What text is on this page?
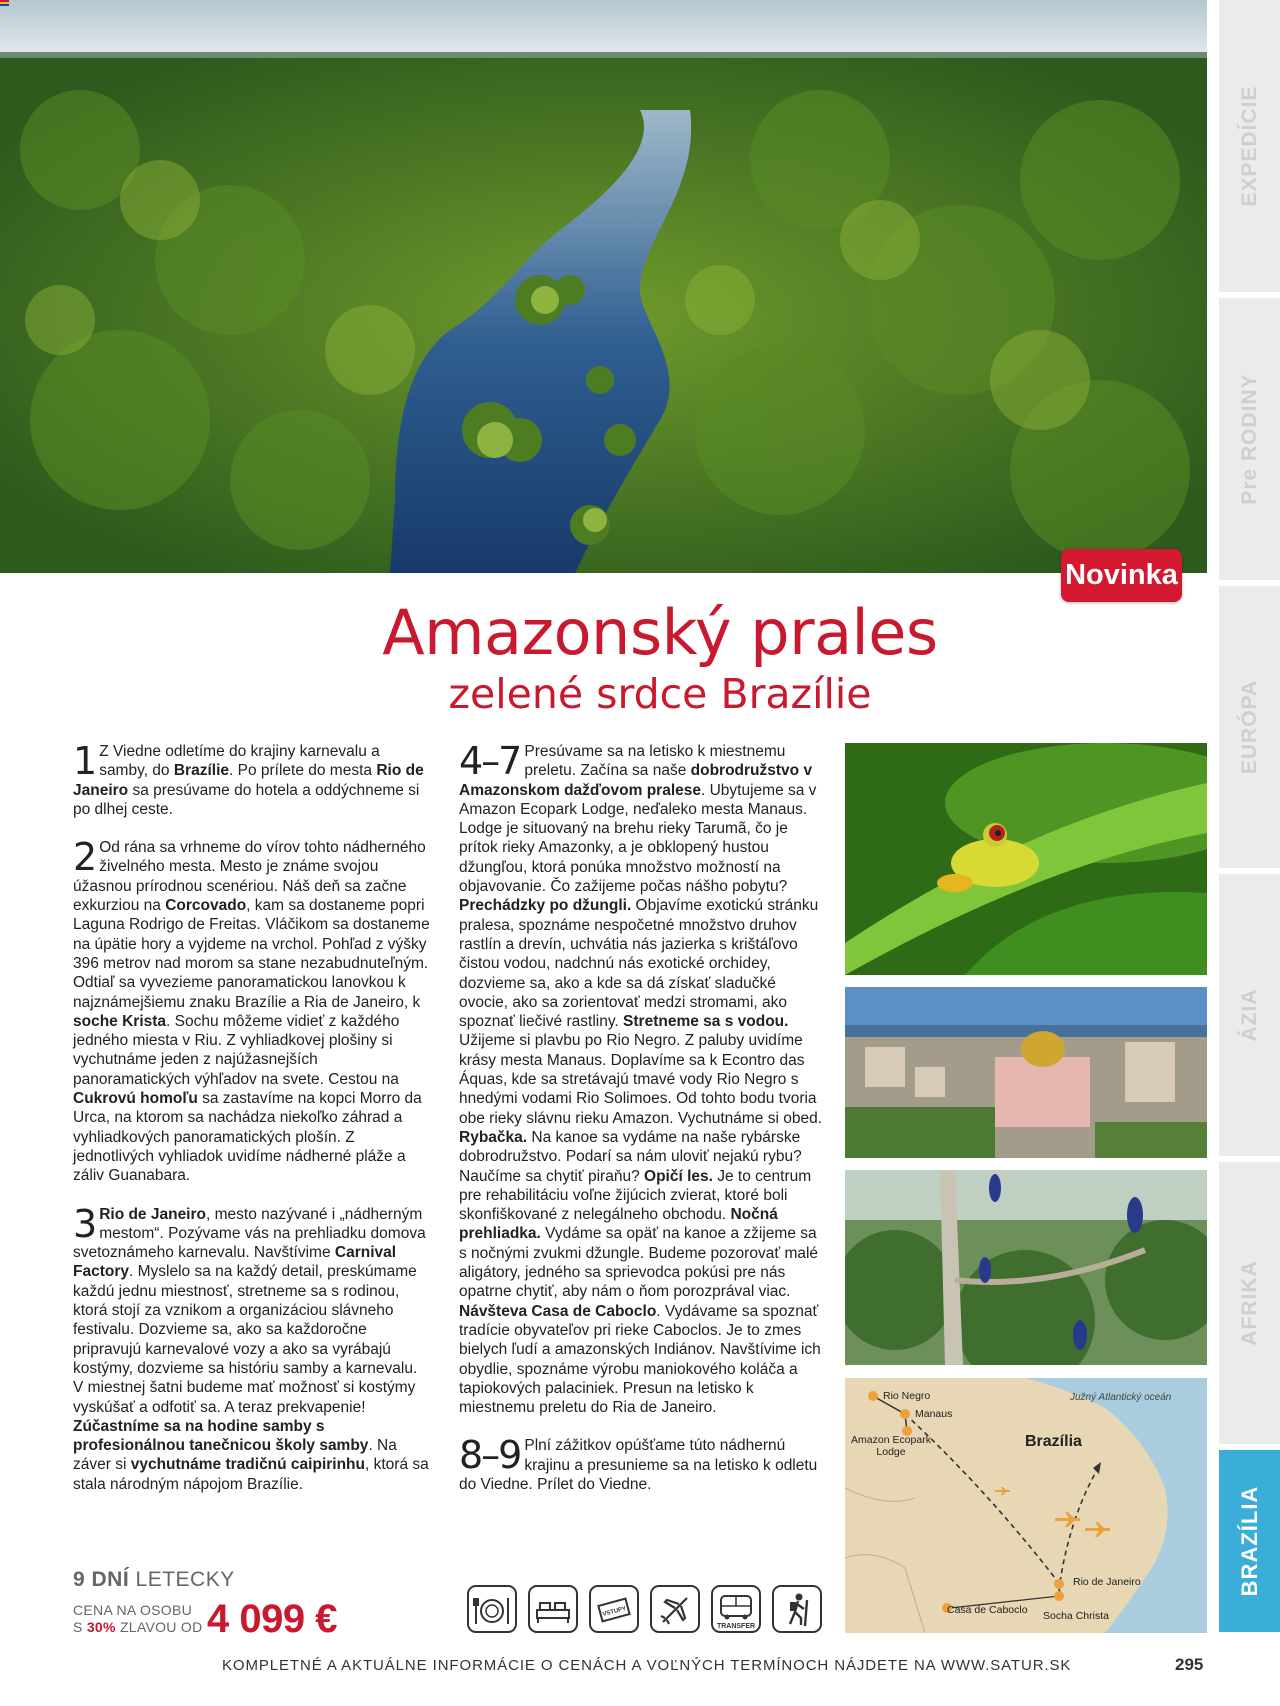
Novinka
EXPEDÍCIE
Pre RODINY
EURÓPA
ÁZIA
AFRIKA
BRAZÍLIA
Amazonský prales
zelené srdce Brazílie

1 Z Viedne odletíme do krajiny karnevalu a samby, do Brazílie. Po prílete do mesta Rio de Janeiro sa presúvame do hotela a oddýchneme si po dlhej ceste.

2 Od rána sa vrhneme do vírov tohto nádherného živelného mesta. Mesto je známe svojou úžasnou prírodnou scenériou. Náš deň sa začne exkurziou na Corcovado, kam sa dostaneme popri Laguna Rodrigo de Freitas. Vláčikom sa dostaneme na úpätie hory a vyjdeme na vrchol. Pohľad z výšky 396 metrov nad morom sa stane nezabudnuteľným. Odtiaľ sa vyvezieme panoramatickou lanovkou k najznámejšiemu znaku Brazílie a Ria de Janeiro, k soche Krista. Sochu môžeme vidieť z každého jedného miesta v Riu. Z vyhliadkovej plošiny si vychutnáme jeden z najúžasnejších panoramatických výhľadov na svete. Cestou na Cukrovú homoľu sa zastavíme na kopci Morro da Urca, na ktorom sa nachádza niekoľko záhrad a vyhliadkových panoramatických plošín. Z jednotlivých vyhliadok uvidíme nádherné pláže a záliv Guanabara.

3 Rio de Janeiro, mesto nazývané i „nádherným mestom“. Pozývame vás na prehliadku domova svetoznámeho karnevalu. Navštívime Carnival Factory. Myslelo sa na každý detail, preskúmame každú jednu miestnosť, stretneme sa s rodinou, ktorá stojí za vznikom a organizáciou slávneho festivalu. Dozvieme sa, ako sa každoročne pripravujú karnevalové vozy a ako sa vyrábajú kostýmy, dozvieme sa históriu samby a karnevalu. V miestnej šatni budeme mať možnosť si kostýmy vyskúšať a odfotiť sa. A teraz prekvapenie! Zúčastníme sa na hodine samby s profesionálnou tanečnicou školy samby. Na záver si vychutnáme tradičnú caipirinhu, ktorá sa stala národným nápojom Brazílie.

4–7 Presúvame sa na letisko k miestnemu preletu. Začína sa naše dobrodružstvo v Amazonskom dažďovom pralese. Ubytujeme sa v Amazon Ecopark Lodge, neďaleko mesta Manaus. Lodge je situovaný na brehu rieky Tarumã, čo je prítok rieky Amazonky, a je obklopený hustou džungľou, ktorá ponúka množstvo možností na objavovanie. Čo zažijeme počas nášho pobytu? Prechádzky po džungli. Objavíme exotickú stránku pralesa, spoznáme nespočetné množstvo druhov rastlín a drevín, uchvátia nás jazierka s krištáľovo čistou vodou, nadchnú nás exotické orchidey, dozvieme sa, ako a kde sa dá získať sladučké ovocie, ako sa zorientovať medzi stromami, ako spoznať liečivé rastliny. Stretneme sa s vodou. Užijeme si plavbu po Rio Negro. Z paluby uvidíme krásy mesta Manaus. Doplavíme sa k Econtro das Áquas, kde sa stretávajú tmavé vody Rio Negro s hnedými vodami Rio Solimoes. Od tohto bodu tvoria obe rieky slávnu rieku Amazon. Vychutnáme si obed. Rybačka. Na kanoe sa vydáme na naše rybárske dobrodružstvo. Podarí sa nám uloviť nejakú rybu? Naučíme sa chytiť piraňu? Opičí les. Je to centrum pre rehabilitáciu voľne žijúcich zvierat, ktoré boli skonfiškované z nelegálneho obchodu. Nočná prehliadka. Vydáme sa opäť na kanoe a zžijeme sa s nočnými zvukmi džungle. Budeme pozorovať malé aligátory, jedného sa sprievodca pokúsi pre nás opatrne chytiť, aby nám o ňom porozprával viac. Návšteva Casa de Caboclo. Vydávame sa spoznať tradície obyvateľov pri rieke Caboclos. Je to zmes bielych ľudí a amazonských Indiánov. Navštívime ich obydlie, spoznáme výrobu maniokového koláča a tapiokových palaciniek. Presun na letisko k miestnemu preletu do Ria de Janeiro.

8–9 Plní zážitkov opúšťame túto nádhernú krajinu a presunieme sa na letisko k odletu do Viedne. Prílet do Viedne.

Južný Atlantický oceán
Brazília
Rio Negro
Manaus
Amazon Ecopark Lodge
Rio de Janeiro
Casa de Caboclo Socha Christa
9 DNÍ LETECKY
CENA NA OSOBU
S 30% ZLAVOU OD 4 099 €	VSTUPY
TRANSFER
KOMPLETNÉ A AKTUÁLNE INFORMÁCIE O CENÁCH A VOĽNÝCH TERMÍNOCH NÁJDETE NA WWW.SATUR.SK	295
